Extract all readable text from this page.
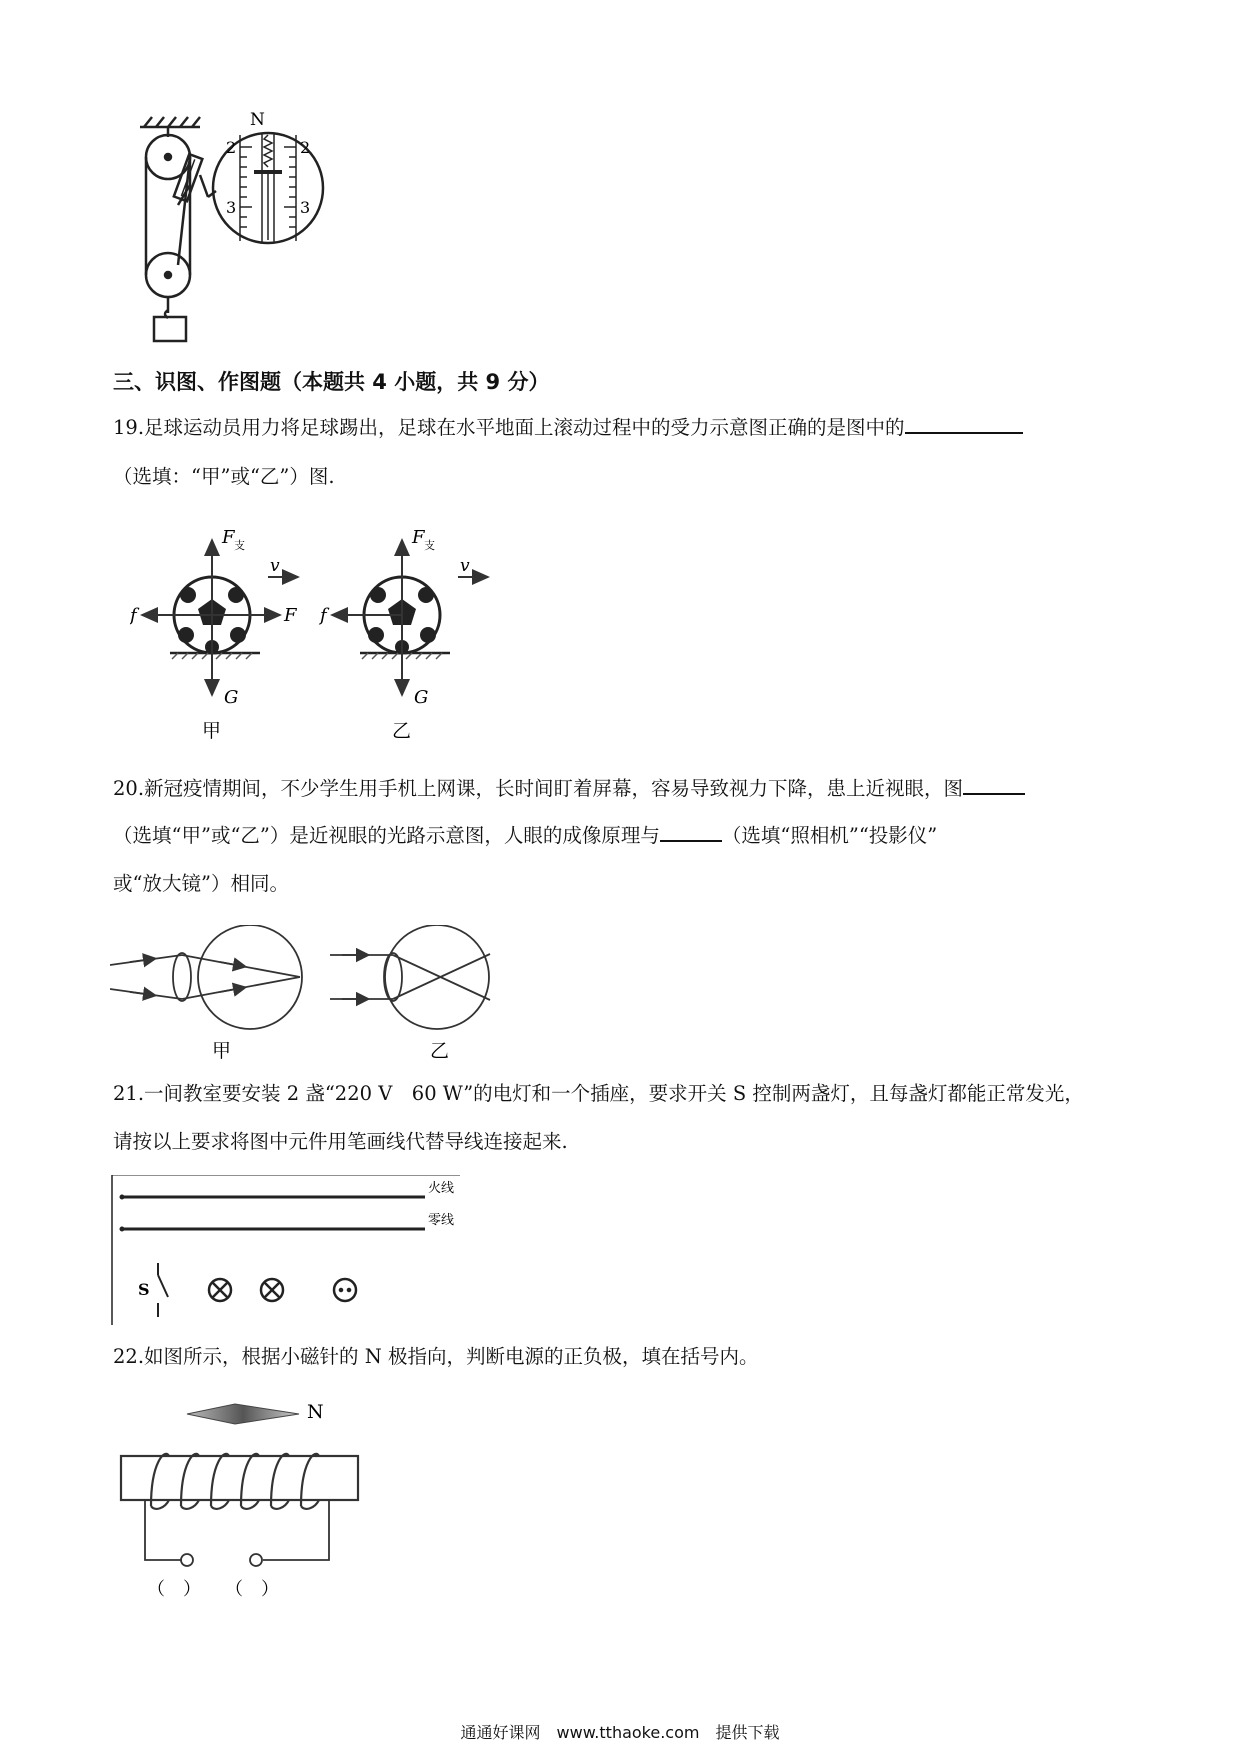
N
2	2
3	3
三、识图、作图题（本题共 4 小题，共 9 分）
19.足球运动员用力将足球踢出，足球在水平地面上滚动过程中的受力示意图正确的是图中的
（选填：“甲”或“乙”）图.
F 支
v
f	F
G
甲
F 支
v
f
G
乙
20.新冠疫情期间，不少学生用手机上网课，长时间盯着屏幕，容易导致视力下降，患上近视眼，图
（选填“甲”或“乙”）是近视眼的光路示意图，人眼的成像原理与	（选填“照相机”“投影仪”
或“放大镜”）相同。
甲	乙
21.一间教室要安装 2 盏“220 V　60 W”的电灯和一个插座，要求开关 S 控制两盏灯，且每盏灯都能正常发光，
请按以上要求将图中元件用笔画线代替导线连接起来.
火线
零线
S
22.如图所示，根据小磁针的 N 极指向，判断电源的正负极，填在括号内。
N
（　） （　）
通通好课网　www.tthaoke.com　提供下载
